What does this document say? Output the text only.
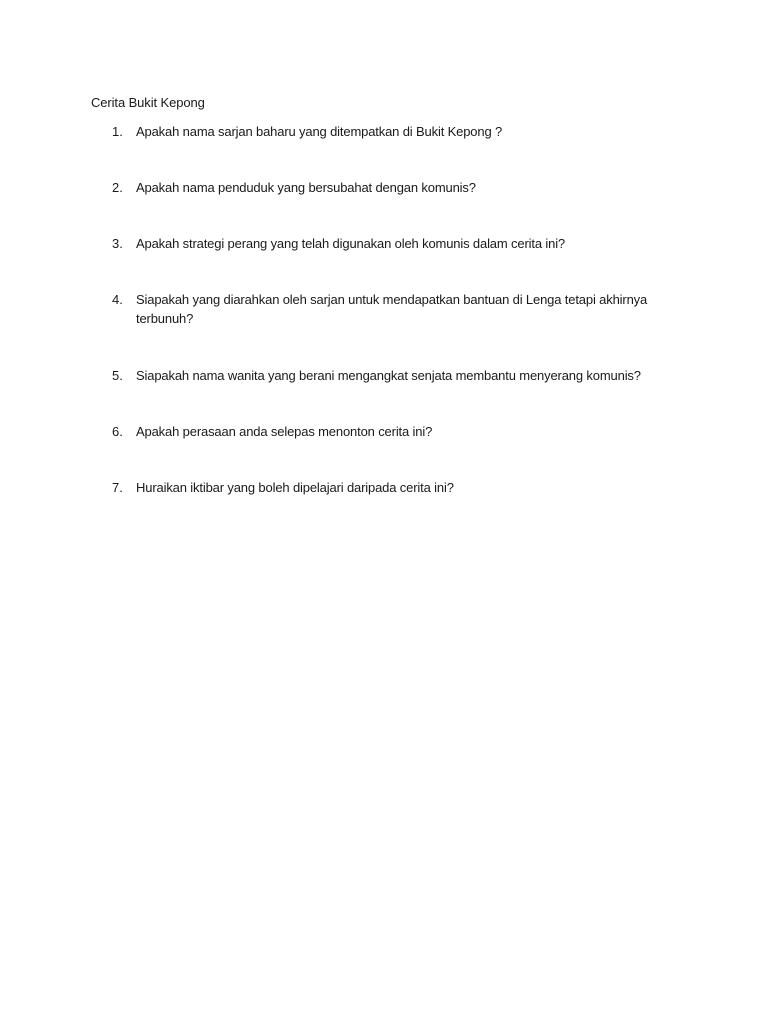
Cerita Bukit Kepong
1. Apakah nama sarjan baharu yang ditempatkan di Bukit Kepong ?
2. Apakah nama penduduk yang bersubahat dengan komunis?
3. Apakah strategi perang yang telah digunakan oleh komunis dalam cerita ini?
4. Siapakah yang diarahkan oleh sarjan untuk mendapatkan bantuan di Lenga tetapi akhirnya terbunuh?
5. Siapakah nama wanita yang berani mengangkat senjata membantu menyerang komunis?
6. Apakah perasaan anda selepas menonton cerita ini?
7. Huraikan iktibar yang boleh dipelajari daripada cerita ini?
